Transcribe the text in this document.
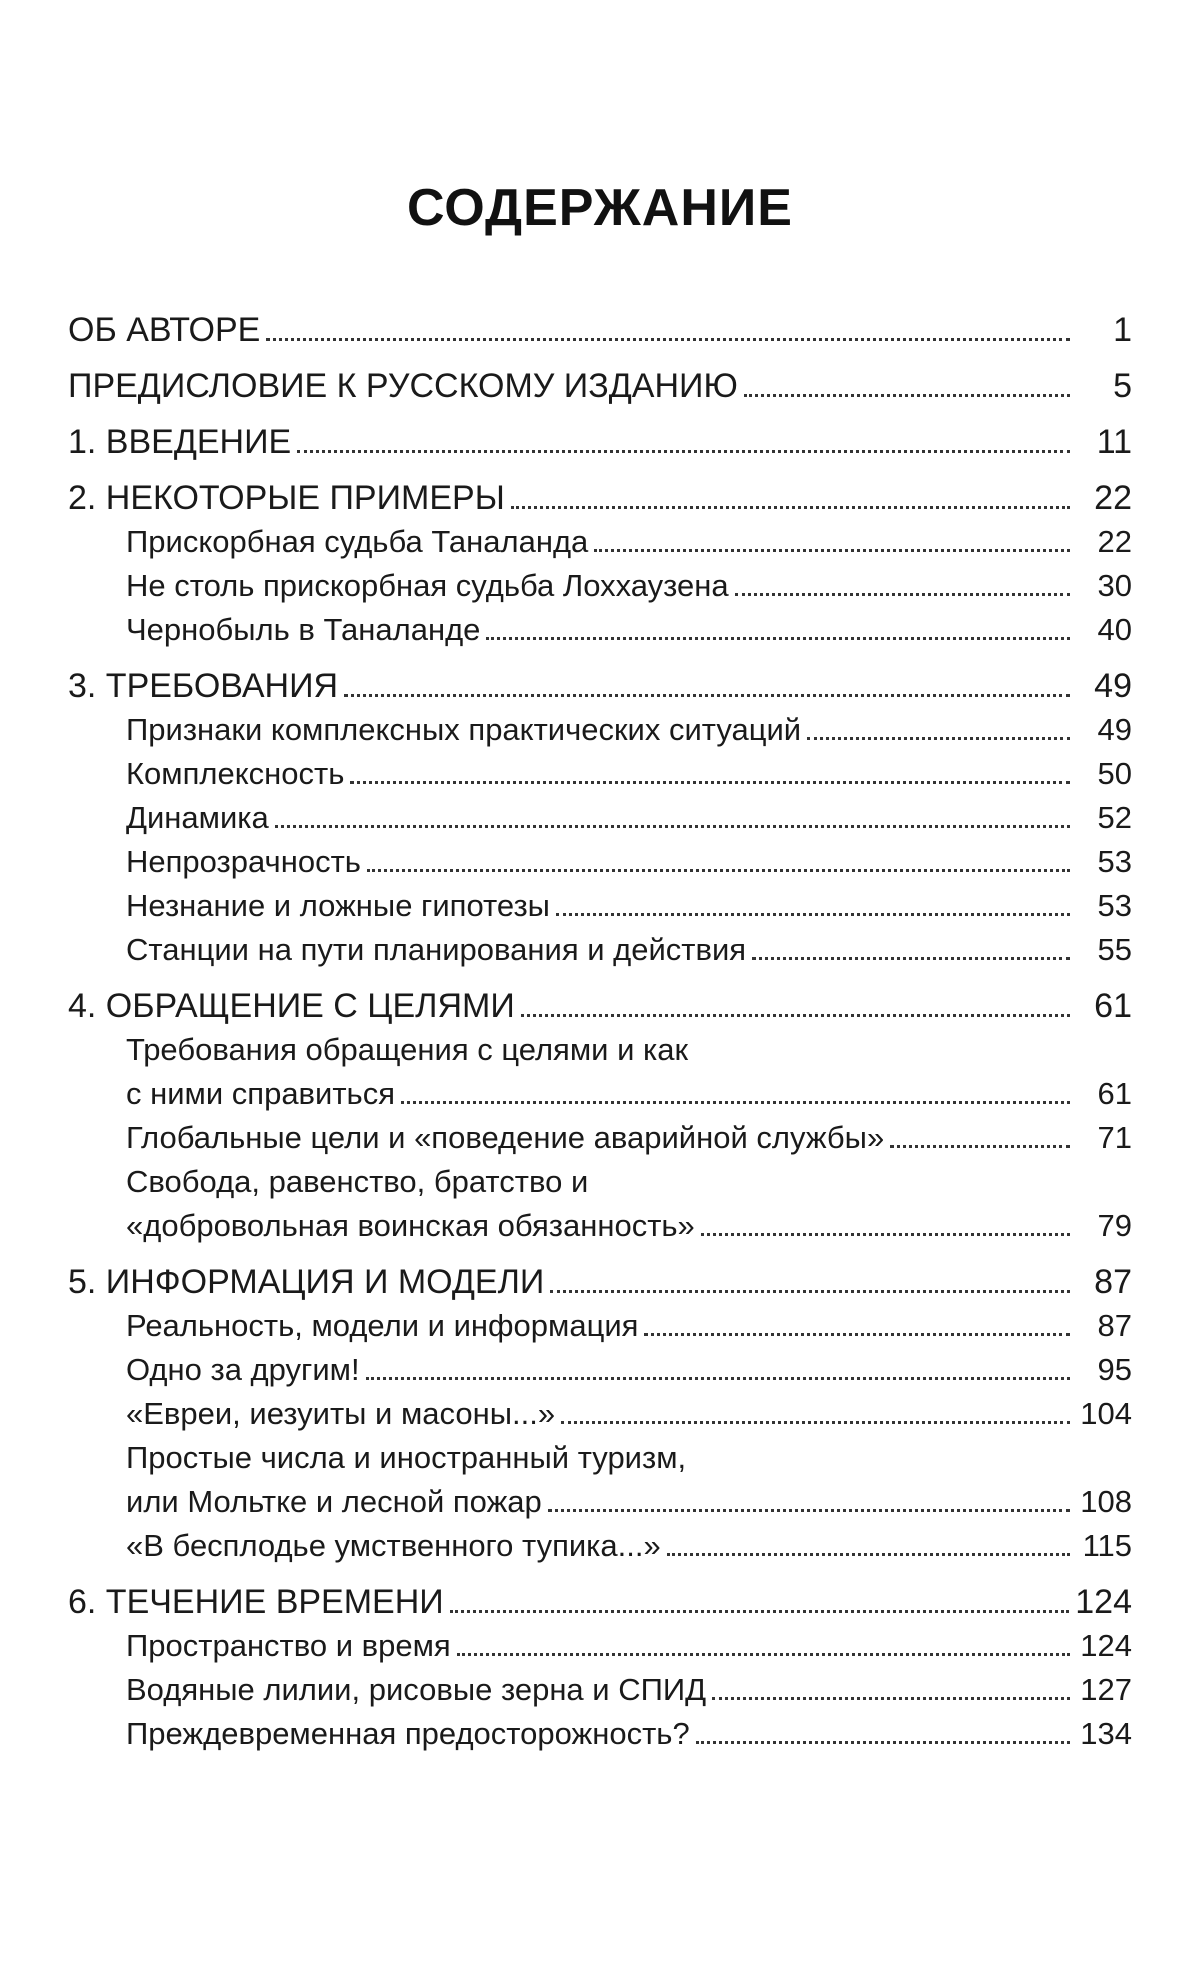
СОДЕРЖАНИЕ
ОБ АВТОРЕ	1
ПРЕДИСЛОВИЕ К РУССКОМУ ИЗДАНИЮ	5
1. ВВЕДЕНИЕ	11
2. НЕКОТОРЫЕ ПРИМЕРЫ	22
Прискорбная судьба Таналанда	22
Не столь прискорбная судьба Лоххаузена	30
Чернобыль в Таналанде	40
3. ТРЕБОВАНИЯ	49
Признаки комплексных практических ситуаций	49
Комплексность	50
Динамика	52
Непрозрачность	53
Незнание и ложные гипотезы	53
Станции на пути планирования и действия	55
4. ОБРАЩЕНИЕ С ЦЕЛЯМИ	61
Требования обращения с целями и как
с ними справиться	61
Глобальные цели и «поведение аварийной службы»	71
Свобода, равенство, братство и
«добровольная воинская обязанность»	79
5. ИНФОРМАЦИЯ И МОДЕЛИ	87
Реальность, модели и информация	87
Одно за другим!	95
«Евреи, иезуиты и масоны...»	104
Простые числа и иностранный туризм,
или Мольтке и лесной пожар	108
«В бесплодье умственного тупика...»	115
6. ТЕЧЕНИЕ ВРЕМЕНИ	124
Пространство и время	124
Водяные лилии, рисовые зерна и СПИД	127
Преждевременная предосторожность?	134
